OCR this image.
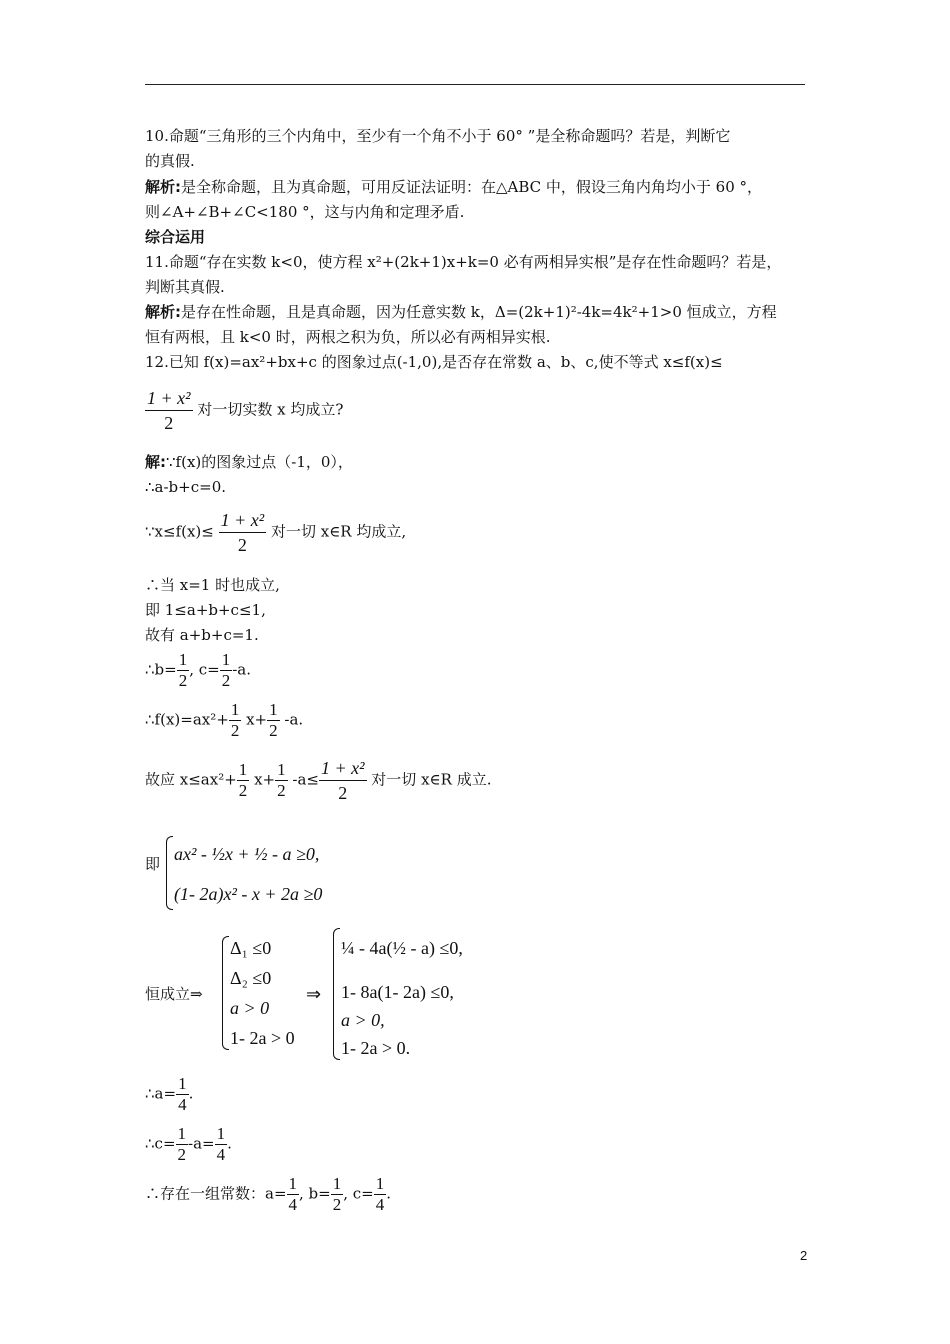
10.命题“三角形的三个内角中，至少有一个角不小于 60° ”是全称命题吗？若是，判断它
的真假.
解析:是全称命题，且为真命题，可用反证法证明：在△ABC 中，假设三角内角均小于 60 °，
则∠A+∠B+∠C<180 °，这与内角和定理矛盾.
综合运用
11.命题“存在实数 k<0，使方程 x²+(2k+1)x+k=0 必有两相异实根”是存在性命题吗？若是，
判断其真假.
解析:是存在性命题，且是真命题，因为任意实数 k，Δ=(2k+1)²-4k=4k²+1>0 恒成立，方程
恒有两根，且 k<0 时，两根之积为负，所以必有两相异实根.
12.已知 f(x)=ax²+bx+c 的图象过点(-1,0),是否存在常数 a、b、c,使不等式 x≤f(x)≤
$\frac{\text{1 + x²}}{2}$ 对一切实数 x 均成立?
解:∵f(x)的图象过点（-1，0），
∴a-b+c=0.
∵x≤f(x)≤ $\frac{\text{1 + x²}}{2}$ 对一切 x∈R 均成立,
∴当 x=1 时也成立,
即 1≤a+b+c≤1,
故有 a+b+c=1.
∴b= $\frac{1}{2}$ , $c= \frac{1}{2} -a$.
∴f(x)=ax²+ $\frac{1}{2} x+ \frac{1}{2} -a$.
故应 $x\le ax^2+ \frac{1}{2} x+ \frac{1}{2} -a\le \frac{\text{1 + x²}}{2}$ 对一切 x∈R 成立.
即 ax² - ½x + ½ - a ≥0,
(1- 2a)x² - x + 2a ≥0
恒成立⇒
Δ₁ ≤0
Δ₂ ≤0
a > 0
1- 2a > 0
⇒
¼ - 4a(½ - a) ≤0,
1- 8a(1- 2a) ≤0,
a > 0,
1- 2a > 0.
∴a= $\frac{1}{4}$ .
∴c= $\frac{1}{2} -a= \frac{1}{4}$ .
∴存在一组常数：$a= \frac{1}{4}$ , $b= \frac{1}{2}$ , $c= \frac{1}{4}$ .
2
